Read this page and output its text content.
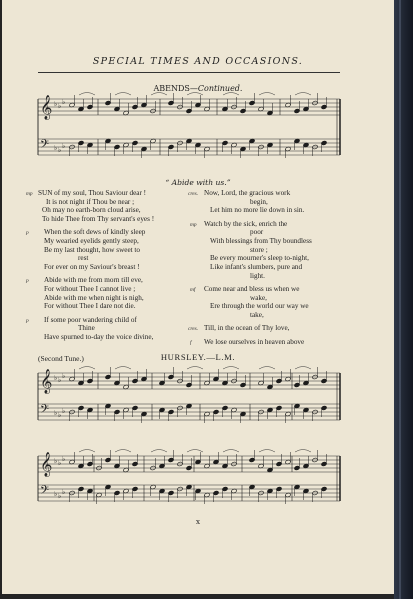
SPECIAL TIMES AND OCCASIONS.
ABENDS—Continued.
𝄞
𝄢
♭
♭
♭
♭
♭
♭
𝄞
𝄢
♭
♭
♭
♭
♭
♭
𝄞
𝄢
♭
♭
♭
♭
♭
♭
“ Abide with us.”
SUN of my soul, Thou Saviour dear !
It is not night if Thou be near ;
Oh may no earth-born cloud arise,
To hide Thee from Thy servant's eyes !
mp
When the soft dews of kindly sleep
My wearied eyelids gently steep,
Be my last thought, how sweet to
rest
For ever on my Saviour's breast !
p
Abide with me from morn till eve,
For without Thee I cannot live ;
Abide with me when night is nigh,
For without Thee I dare not die.
p
If some poor wandering child of
Thine
Have spurned to-day the voice divine,
p
Now, Lord, the gracious work
begin,
Let him no more lie down in sin.
cres.
Watch by the sick, enrich the
poor
With blessings from Thy boundless
store ;
Be every mourner's sleep to-night,
Like infant's slumbers, pure and
light.
mp
Come near and bless us when we
wake,
Ere through the world our way we
take,
mf
Till, in the ocean of Thy love,
cres.
We lose ourselves in heaven above
f
(Second Tune.)	HURSLEY.—L.M.
x
